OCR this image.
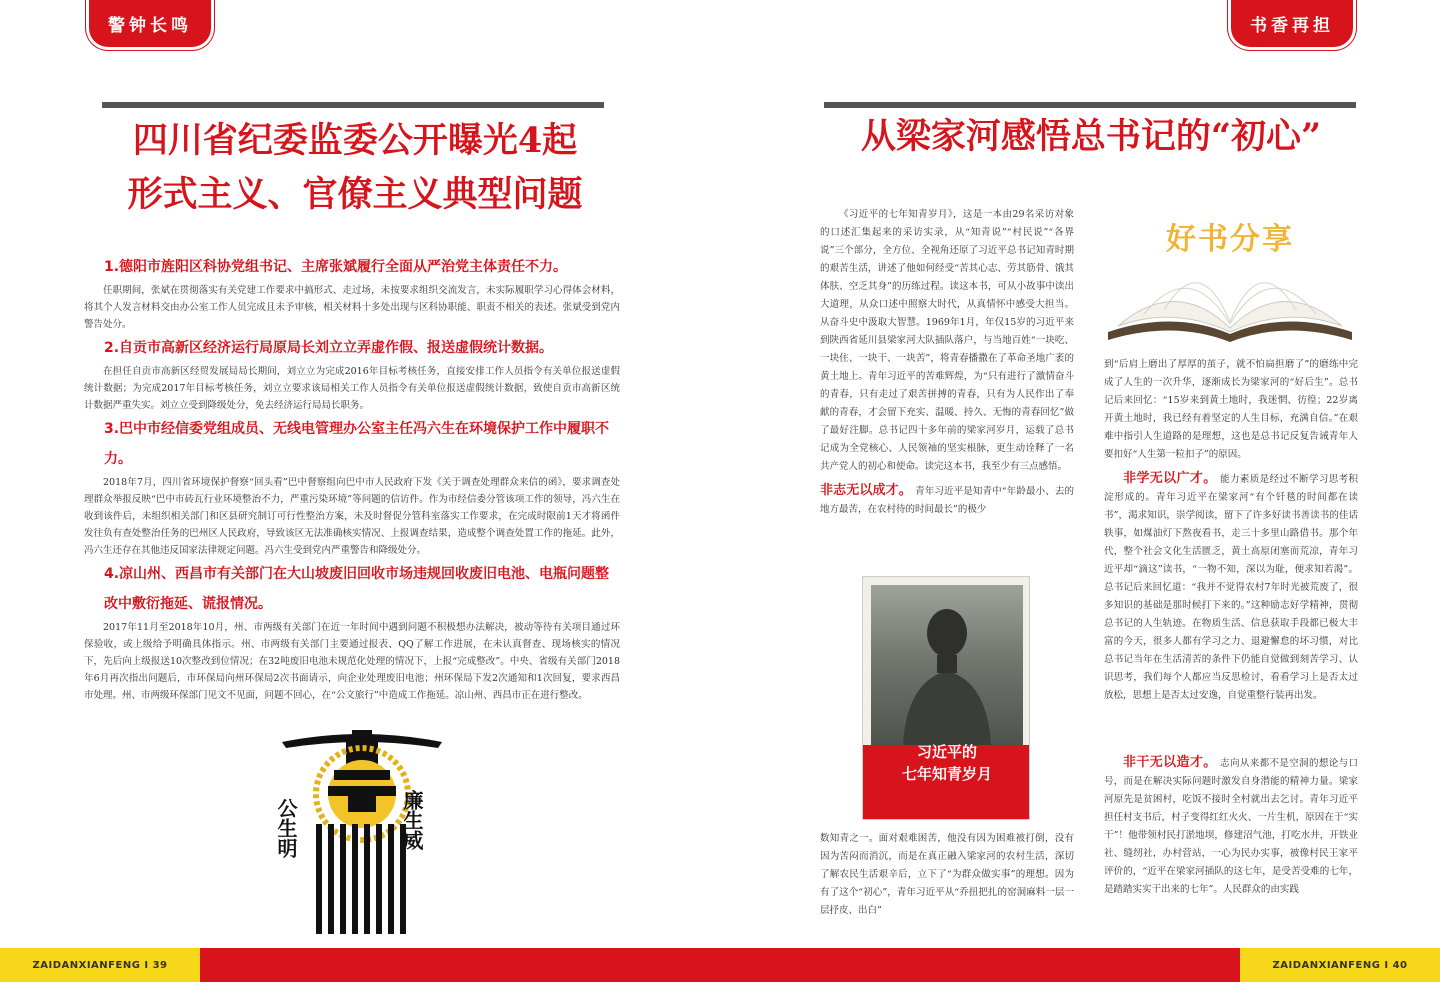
警钟长鸣	书香再担
四川省纪委监委公开曝光4起
形式主义、官僚主义典型问题
1.德阳市旌阳区科协党组书记、主席张斌履行全面从严治党主体责任不力。
任职期间，张斌在贯彻落实有关党建工作要求中搞形式、走过场，未按要求组织交流发言，未实际履职学习心得体会材料，将其个人发言材料交由办公室工作人员完成且未予审核，相关材料十多处出现与区科协职能、职责不相关的表述。张斌受到党内警告处分。
2.自贡市高新区经济运行局原局长刘立立弄虚作假、报送虚假统计数据。
在担任自贡市高新区经贸发展局局长期间，刘立立为完成2016年目标考核任务，直接安排工作人员指令有关单位报送虚假统计数据；为完成2017年目标考核任务，刘立立要求该局相关工作人员指令有关单位报送虚假统计数据，致使自贡市高新区统计数据严重失实。刘立立受到降级处分，免去经济运行局局长职务。
3.巴中市经信委党组成员、无线电管理办公室主任冯六生在环境保护工作中履职不力。
2018年7月，四川省环境保护督察“回头看”巴中督察组向巴中市人民政府下发《关于调查处理群众来信的函》，要求调查处理群众举报反映“巴中市砖瓦行业环境整治不力，严重污染环境”等问题的信访件。作为市经信委分管该项工作的领导，冯六生在收到该件后，未组织相关部门和区县研究制订可行性整治方案，未及时督促分管科室落实工作要求，在完成时限前1天才将函件发往负有查处整治任务的巴州区人民政府，导致该区无法准确核实情况、上报调查结果，造成整个调查处置工作的拖延。此外，冯六生还存在其他违反国家法律规定问题。冯六生受到党内严重警告和降级处分。
4.凉山州、西昌市有关部门在大山坡废旧回收市场违规回收废旧电池、电瓶问题整改中敷衍拖延、谎报情况。
2017年11月至2018年10月，州、市两级有关部门在近一年时间中遇到问题不积极想办法解决，被动等待有关项目通过环保验收，或上级给予明确具体指示。州、市两级有关部门主要通过报表、QQ了解工作进展，在未认真督查、现场核实的情况下，先后向上级报送10次整改到位情况；在32吨废旧电池未规范化处理的情况下，上报“完成整改”。中央、省级有关部门2018年6月再次指出问题后，市环保局向州环保局2次书面请示，向企业处理废旧电池；州环保局下发2次通知和1次回复，要求西昌市处理。州、市两级环保部门见文不见面，问题不回心，在“公文旅行”中造成工作拖延。凉山州、西昌市正在进行整改。
公生明	廉生威
从梁家河感悟总书记的“初心”
好书分享

《习近平的七年知青岁月》，这是一本由29名采访对象的口述汇集起来的采访实录，从“知青说”“村民说”“各界说”三个部分，全方位、全视角还原了习近平总书记知青时期的艰苦生活，讲述了他如何经受“苦其心志、劳其筋骨、饿其体肤、空乏其身”的历练过程。读这本书，可从小故事中读出大道理，从众口述中照察大时代，从真情怀中感受大担当。从奋斗史中汲取大智慧。1969年1月，年仅15岁的习近平来到陕西省延川县梁家河大队插队落户，与当地百姓“一块吃、一块住、一块干、一块苦”，将青春播撒在了革命圣地广袤的黄土地上。青年习近平的苦难辉煌，为“只有进行了激情奋斗的青春，只有走过了艰苦拼搏的青春，只有为人民作出了奉献的青春，才会留下充实、温暖、持久、无悔的青春回忆”做了最好注脚。总书记四十多年前的梁家河岁月，运载了总书记成为全党核心、人民领袖的坚实根脉，更生动诠释了一名共产党人的初心和使命。读完这本书，我至少有三点感悟。

非志无以成才。 青年习近平是知青中“年龄最小、去的地方最苦，在农村待的时间最长”的极少

习近平的
七年知青岁月

数知青之一。面对艰难困苦，他没有因为困难被打倒，没有因为苦闷而消沉，而是在真正融入梁家河的农村生活，深切了解农民生活艰辛后，立下了“为群众做实事”的理想。因为有了这个“初心”，青年习近平从“乔扭把扎的窑洞麻料一层一层抒皮、出白”

到“后肩上磨出了厚厚的茧子，就不怕扁担磨了”的磨练中完成了人生的一次升华，逐渐成长为梁家河的“好后生”。总书记后来回忆：“15岁来到黄土地时，我迷惘、彷徨；22岁离开黄土地时，我已经有着坚定的人生目标，充满自信。”在艰难中指引人生道路的是理想，这也是总书记反复告诫青年人要扣好“人生第一粒扣子”的原因。

非学无以广才。 能力素质是经过不断学习思考积淀形成的。青年习近平在梁家河“有个钎毯的时间都在读书”，渴求知识，崇学阅读，留下了许多好读书善读书的佳话轶事，如煤油灯下熬夜看书，走三十多里山路借书。那个年代，整个社会文化生活匮乏，黄土高原闭塞而荒凉，青年习近平却“滴这”读书，“一物不知，深以为耻，便求知若渴”。总书记后来回忆道：“我并不觉得农村7年时光被荒废了，很多知识的基础是那时候打下来的。”这种励志好学精神，贯彻总书记的人生轨迹。在物质生活、信息获取手段都已极大丰富的今天，很多人都有学习之力、退避懈怠的坏习惯，对比总书记当年在生活清苦的条件下仍能自觉做到刻苦学习、认识思考，我们每个人都应当反思检讨，看看学习上是否太过放松，思想上是否太过安逸，自觉重整行装再出发。

非干无以造才。 志向从来都不是空洞的想论与口号，而是在解决实际问题时激发自身潜能的精神力量。梁家河原先是贫困村，吃饭不接时全村就出去乞讨。青年习近平担任村支书后，村子变得红红火火、一片生机，原因在于“实干”！他带领村民打淤地坝，修建沼气池，打吃水井，开铁业社、缝纫社，办村营站，一心为民办实事，被像村民王家平评价的，“近平在梁家河插队的这七年，是受苦受难的七年，是踏踏实实干出来的七年”。人民群众的由实践

ZAIDANXIANFENG I 39	ZAIDANXIANFENG I 40
